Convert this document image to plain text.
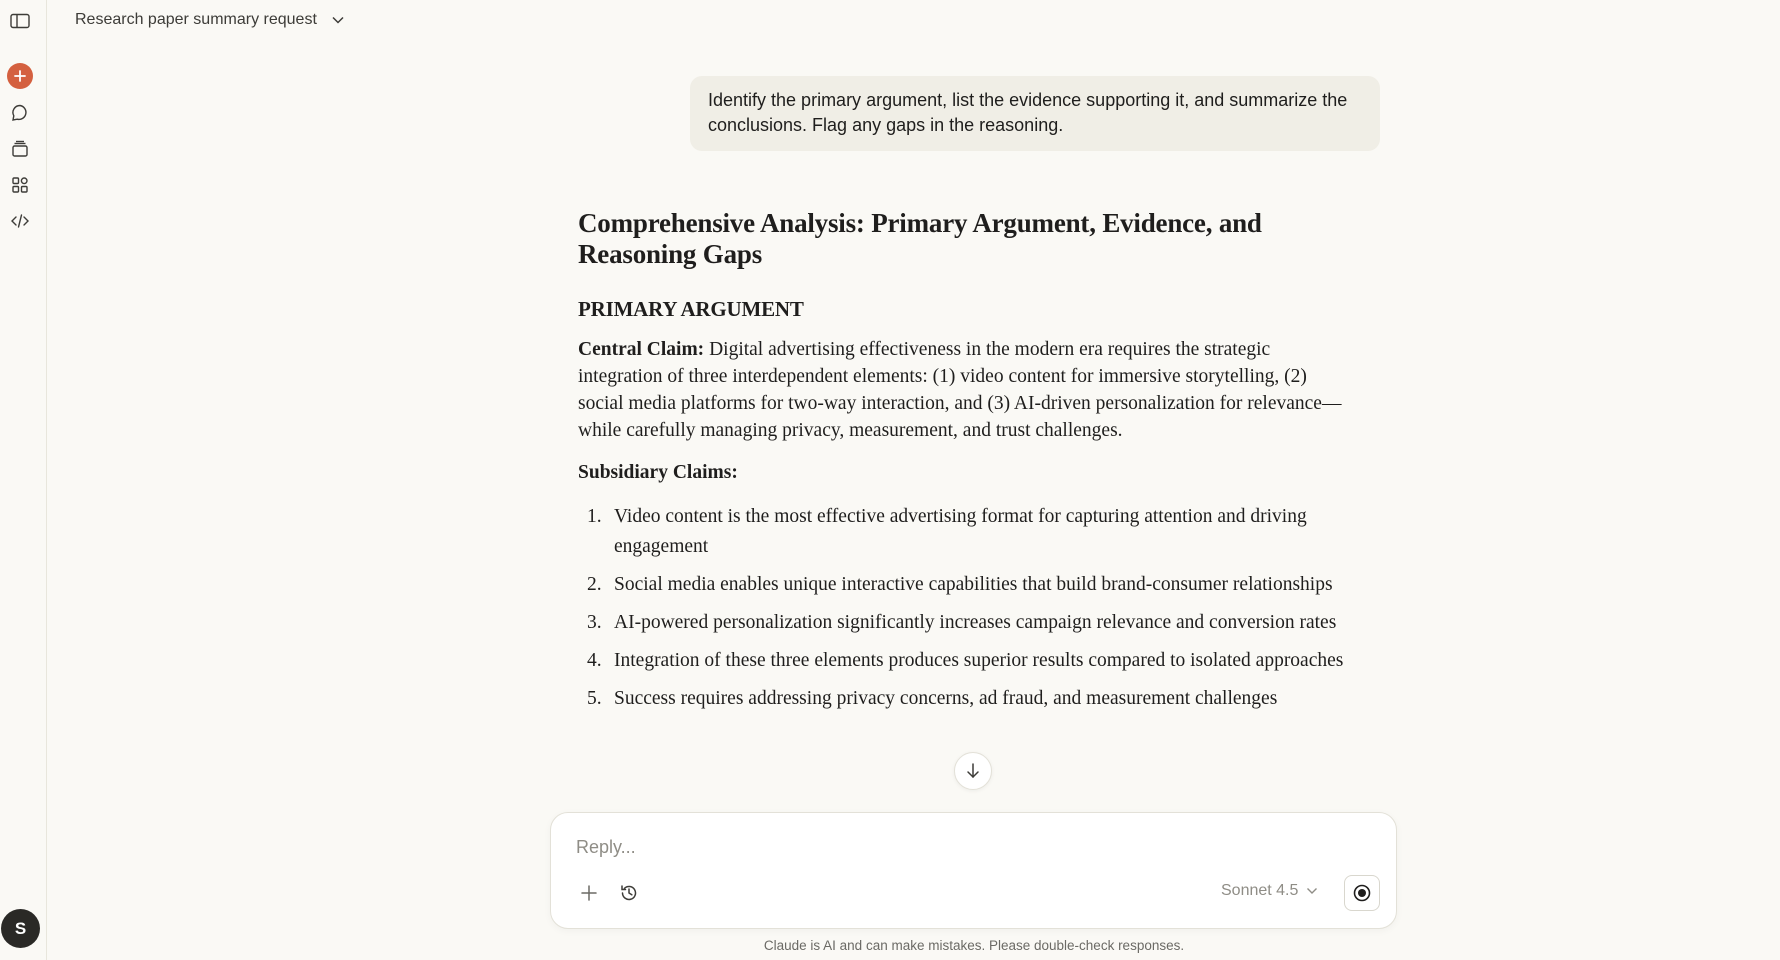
S
Research paper summary request
Identify the primary argument, list the evidence supporting it, and summarize the conclusions. Flag any gaps in the reasoning.
Comprehensive Analysis: Primary Argument, Evidence, and Reasoning Gaps
PRIMARY ARGUMENT

Central Claim: Digital advertising effectiveness in the modern era requires the strategic integration of three interdependent elements: (1) video content for immersive storytelling, (2) social media platforms for two-way interaction, and (3) AI-driven personalization for relevance—while carefully managing privacy, measurement, and trust challenges.

Subsidiary Claims:

1. Video content is the most effective advertising format for capturing attention and driving engagement
2. Social media enables unique interactive capabilities that build brand-consumer relationships
3. AI-powered personalization significantly increases campaign relevance and conversion rates
4. Integration of these three elements produces superior results compared to isolated approaches
5. Success requires addressing privacy concerns, ad fraud, and measurement challenges
Reply...
Sonnet 4.5
Claude is AI and can make mistakes. Please double-check responses.
